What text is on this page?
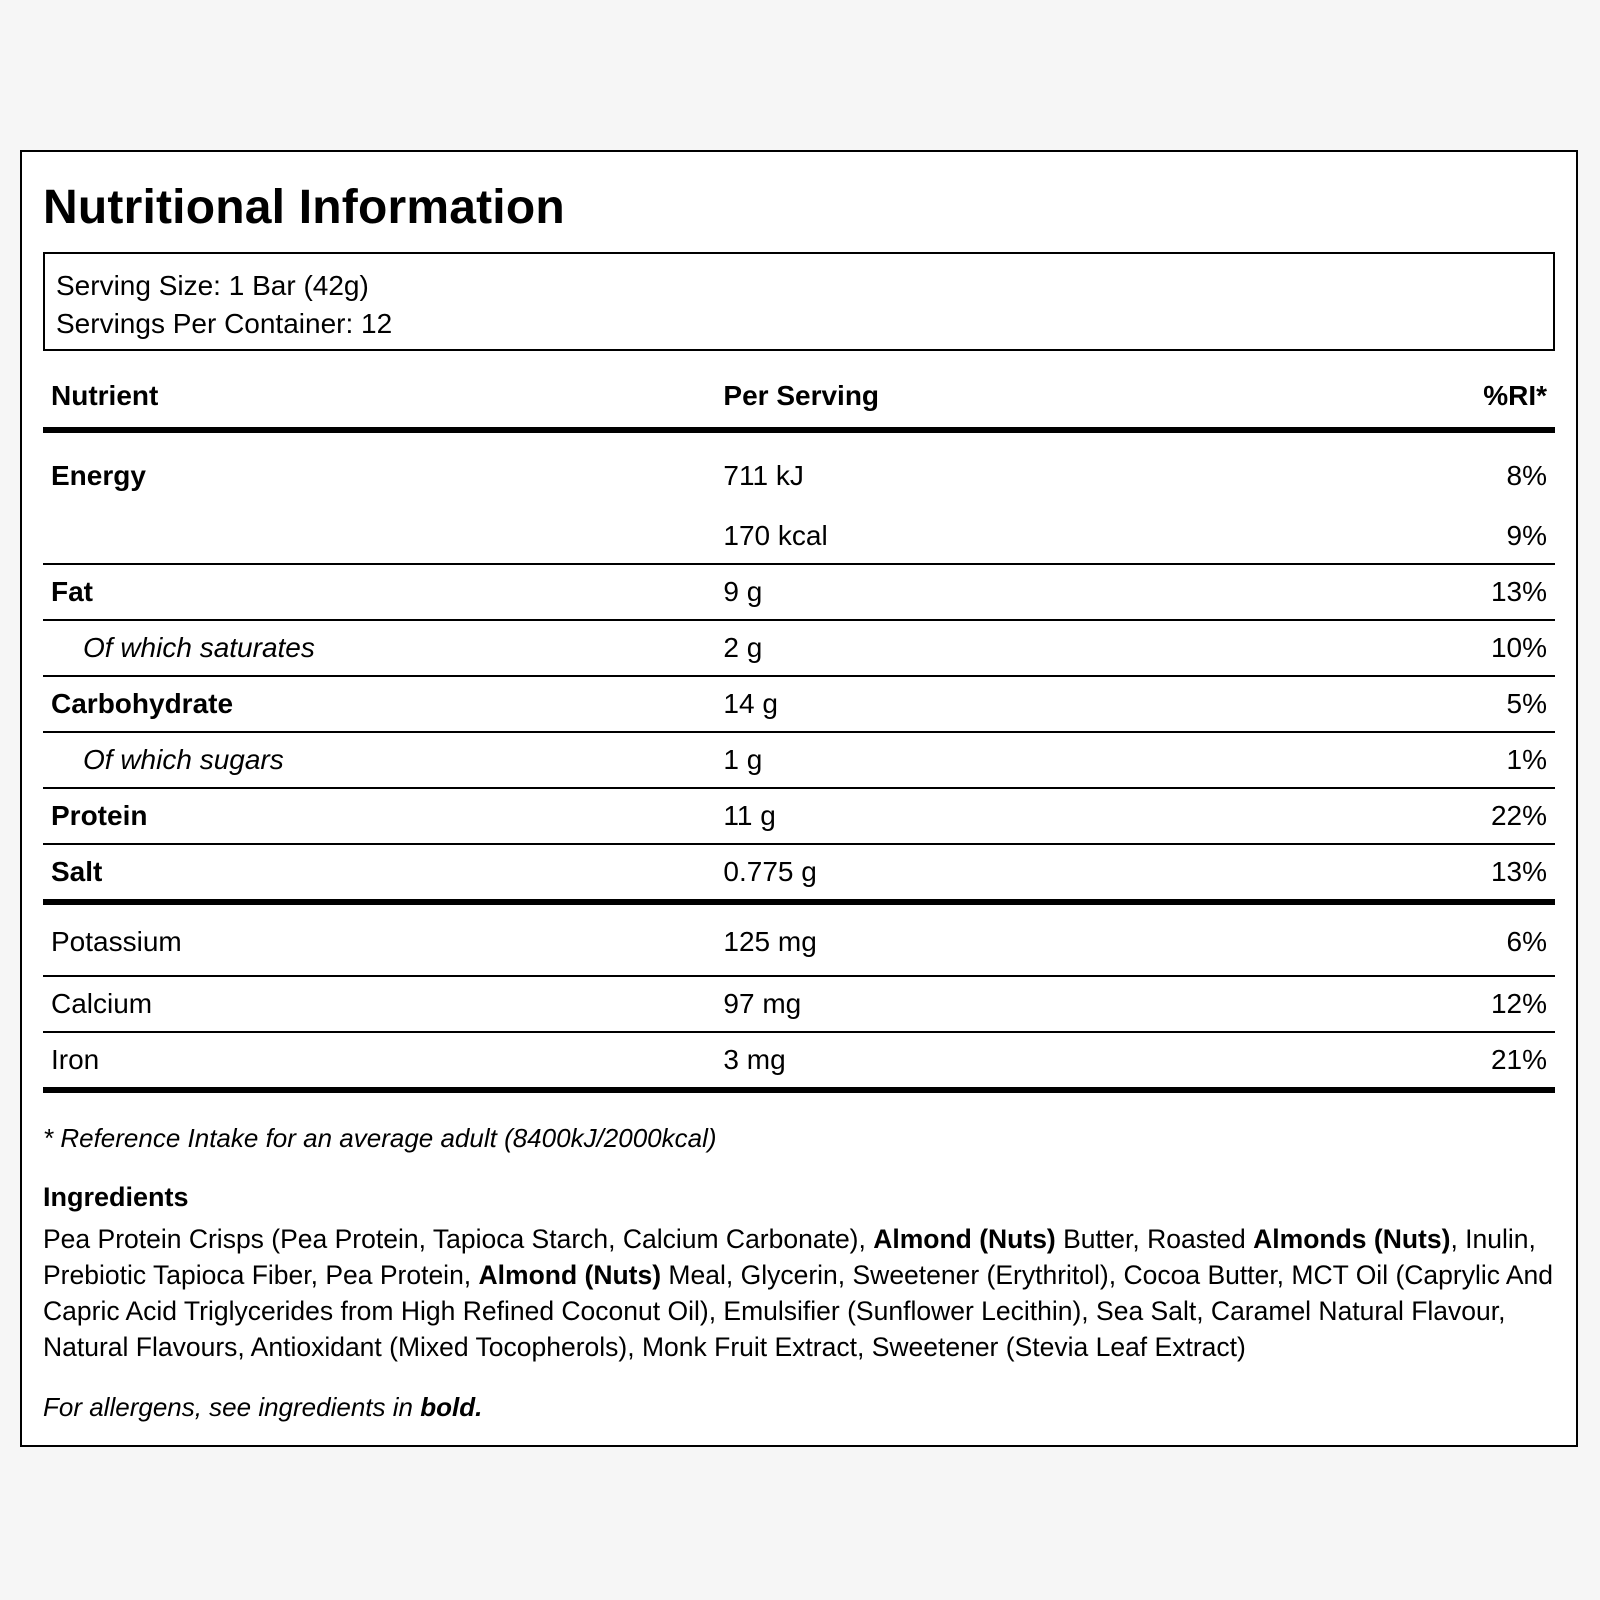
Nutritional Information
Serving Size: 1 Bar (42g)
Servings Per Container: 12
Nutrient	Per Serving	%RI*
Energy	711 kJ	8%
	170 kcal	9%
Fat	9 g	13%
Of which saturates	2 g	10%
Carbohydrate	14 g	5%
Of which sugars	1 g	1%
Protein	11 g	22%
Salt	0.775 g	13%
Potassium	125 mg	6%
Calcium	97 mg	12%
Iron	3 mg	21%
* Reference Intake for an average adult (8400kJ/2000kcal)
Ingredients
Pea Protein Crisps (Pea Protein, Tapioca Starch, Calcium Carbonate), Almond (Nuts) Butter, Roasted Almonds (Nuts), Inulin, Prebiotic Tapioca Fiber, Pea Protein, Almond (Nuts) Meal, Glycerin, Sweetener (Erythritol), Cocoa Butter, MCT Oil (Caprylic And Capric Acid Triglycerides from High Refined Coconut Oil), Emulsifier (Sunflower Lecithin), Sea Salt, Caramel Natural Flavour, Natural Flavours, Antioxidant (Mixed Tocopherols), Monk Fruit Extract, Sweetener (Stevia Leaf Extract)
For allergens, see ingredients in bold.
